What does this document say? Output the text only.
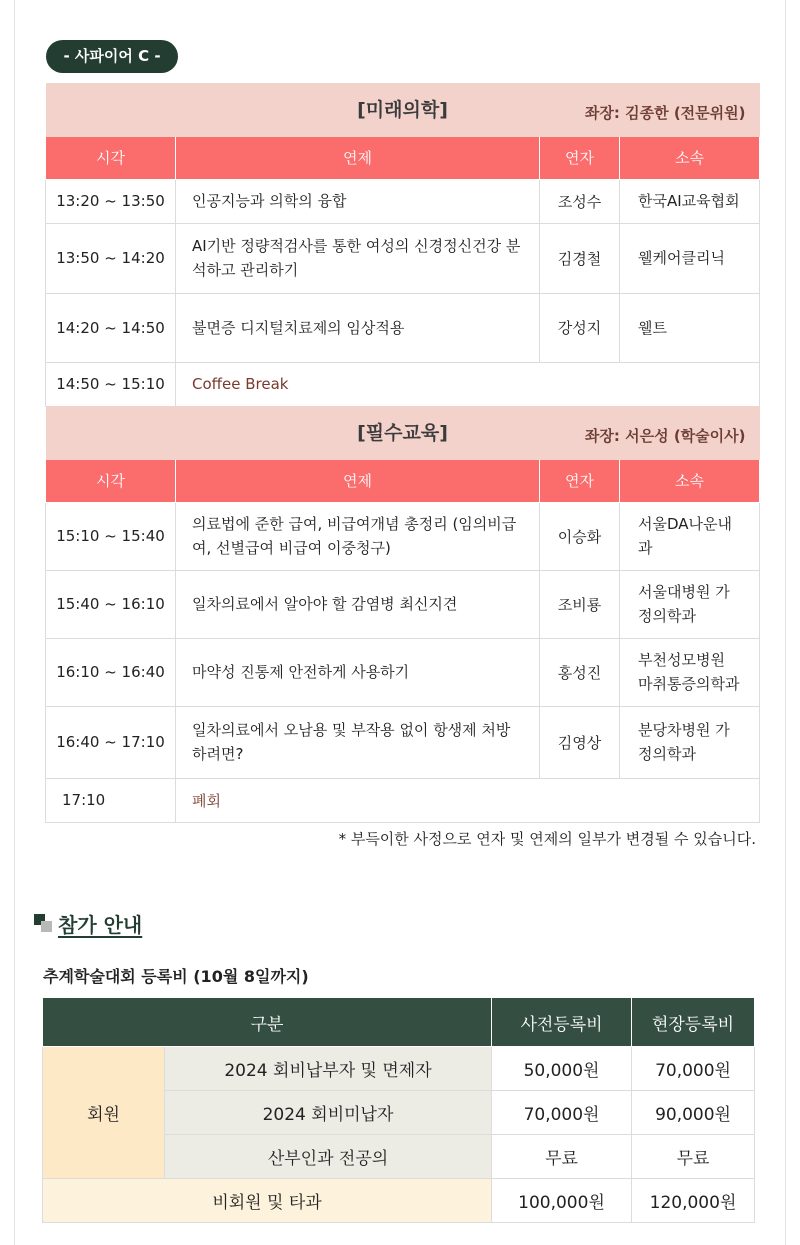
- 사파이어 C -
[미래의학] 좌장: 김종한 (전문위원)			

시각	연제	연자	소속
13:20 ~ 13:50	인공지능과 의학의 융합	조성수	한국AI교육협회
13:50 ~ 14:20	AI기반 정량적검사를 통한 여성의 신경정신건강 분석하고 관리하기	김경철	웰케어클리닉
14:20 ~ 14:50	불면증 디지털치료제의 임상적용	강성지	웰트
14:50 ~ 15:10	Coffee Break		
[필수교육] 좌장: 서은성 (학술이사)			

시각	연제	연자	소속
15:10 ~ 15:40	의료법에 준한 급여, 비급여개념 총정리 (임의비급여, 선별급여 비급여 이중청구)	이승화	서울DA나운내과
15:40 ~ 16:10	일차의료에서 알아야 할 감염병 최신지견	조비룡	서울대병원 가정의학과
16:10 ~ 16:40	마약성 진통제 안전하게 사용하기	홍성진	부천성모병원 마취통증의학과
16:40 ~ 17:10	일차의료에서 오남용 및 부작용 없이 항생제 처방하려면?	김영상	분당차병원 가정의학과
17:10	폐회		
* 부득이한 사정으로 연자 및 연제의 일부가 변경될 수 있습니다.
참가 안내
추계학술대회 등록비 (10월 8일까지)
구분		사전등록비	현장등록비
회원	2024 회비납부자 및 면제자	50,000원	70,000원
	2024 회비미납자	70,000원	90,000원
	산부인과 전공의	무료	무료
비회원 및 타과		100,000원	120,000원
